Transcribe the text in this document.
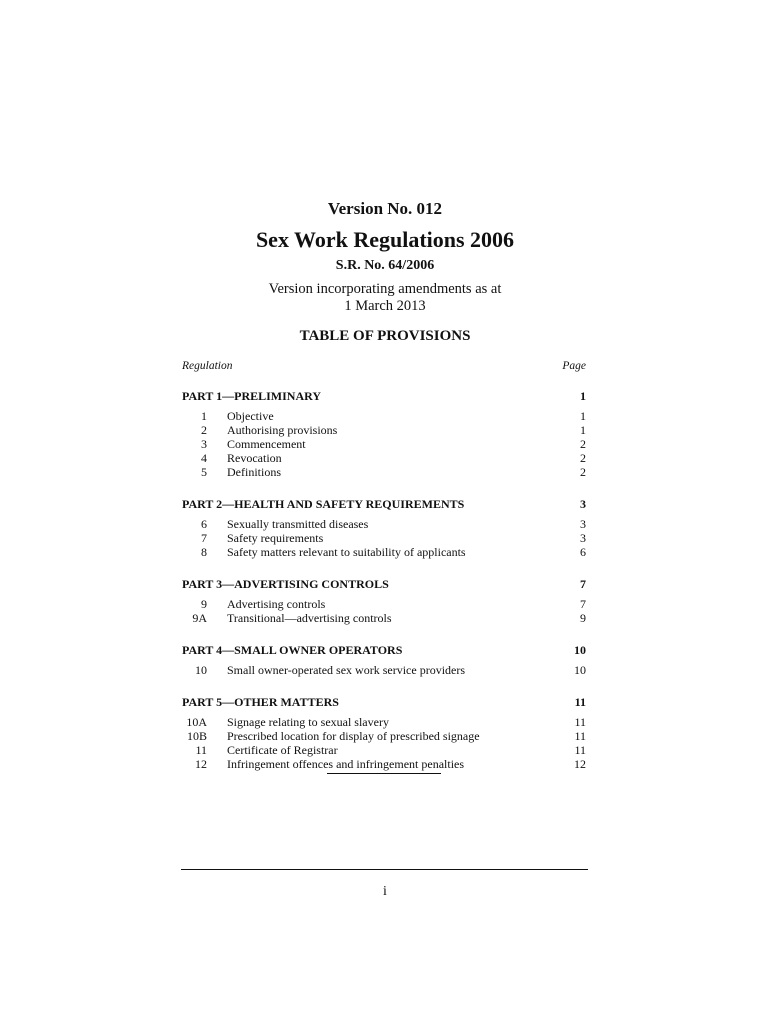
Version No. 012
Sex Work Regulations 2006
S.R. No. 64/2006
Version incorporating amendments as at
1 March 2013
TABLE OF PROVISIONS
Regulation	Page
PART 1—PRELIMINARY	1
1	Objective	1
2	Authorising provisions	1
3	Commencement	2
4	Revocation	2
5	Definitions	2
PART 2—HEALTH AND SAFETY REQUIREMENTS	3
6	Sexually transmitted diseases	3
7	Safety requirements	3
8	Safety matters relevant to suitability of applicants	6
PART 3—ADVERTISING CONTROLS	7
9	Advertising controls	7
9A	Transitional—advertising controls	9
PART 4—SMALL OWNER OPERATORS	10
10	Small owner-operated sex work service providers	10
PART 5—OTHER MATTERS	11
10A	Signage relating to sexual slavery	11
10B	Prescribed location for display of prescribed signage	11
11	Certificate of Registrar	11
12	Infringement offences and infringement penalties	12
i
